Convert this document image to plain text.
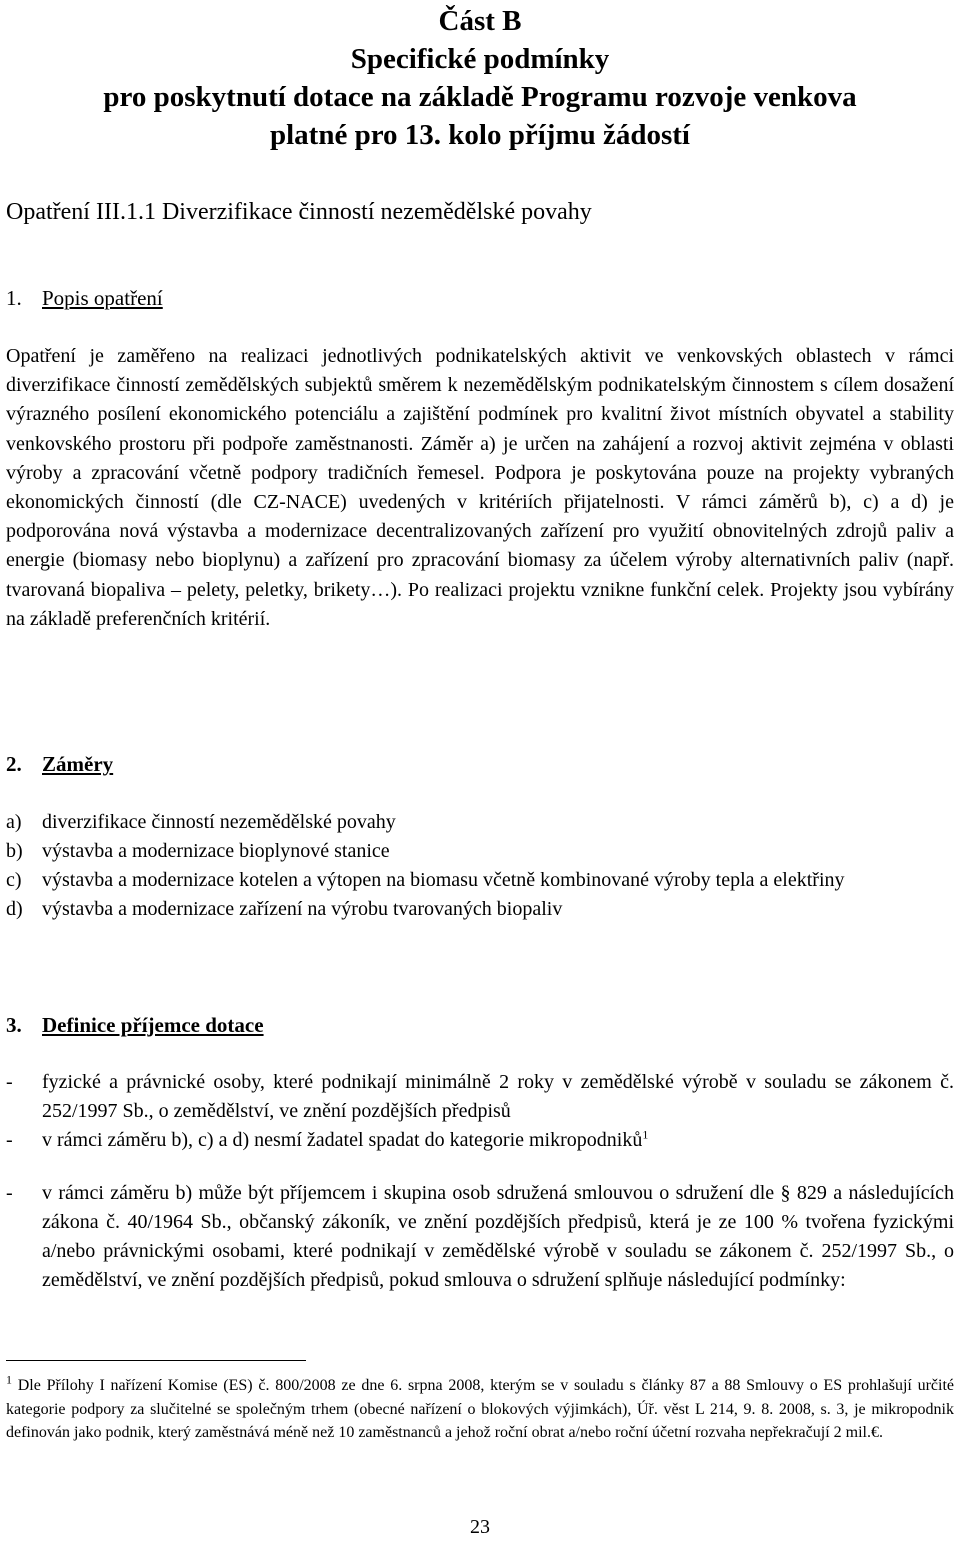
Část B

Specifické podmínky

pro poskytnutí dotace na základě Programu rozvoje venkova

platné pro 13. kolo příjmu žádostí

Opatření III.1.1 Diverzifikace činností nezemědělské povahy

1. Popis opatření

Opatření je zaměřeno na realizaci jednotlivých podnikatelských aktivit ve venkovských oblastech v rámci diverzifikace činností zemědělských subjektů směrem k nezemědělským podnikatelským činnostem s cílem dosažení výrazného posílení ekonomického potenciálu a zajištění podmínek pro kvalitní život místních obyvatel a stability venkovského prostoru při podpoře zaměstnanosti. Záměr a) je určen na zahájení a rozvoj aktivit zejména v oblasti výroby a zpracování včetně podpory tradičních řemesel. Podpora je poskytována pouze na projekty vybraných ekonomických činností (dle CZ-NACE) uvedených v kritériích přijatelnosti. V rámci záměrů b), c) a d) je podporována nová výstavba a modernizace decentralizovaných zařízení pro využití obnovitelných zdrojů paliv a energie (biomasy nebo bioplynu) a zařízení pro zpracování biomasy za účelem výroby alternativních paliv (např. tvarovaná biopaliva – pelety, peletky, brikety…). Po realizaci projektu vznikne funkční celek. Projekty jsou vybírány na základě preferenčních kritérií.

2. Záměry

a) diverzifikace činností nezemědělské povahy
b) výstavba a modernizace bioplynové stanice
c) výstavba a modernizace kotelen a výtopen na biomasu včetně kombinované výroby tepla a elektřiny
d) výstavba a modernizace zařízení na výrobu tvarovaných biopaliv

3. Definice příjemce dotace

- fyzické a právnické osoby, které podnikají minimálně 2 roky v zemědělské výrobě v souladu se zákonem č. 252/1997 Sb., o zemědělství, ve znění pozdějších předpisů
- v rámci záměru b), c) a d) nesmí žadatel spadat do kategorie mikropodniků$^1$
- v rámci záměru b) může být příjemcem i skupina osob sdružená smlouvou o sdružení dle § 829 a následujících zákona č. 40/1964 Sb., občanský zákoník, ve znění pozdějších předpisů, která je ze 100 % tvořena fyzickými a/nebo právnickými osobami, které podnikají v zemědělské výrobě v souladu se zákonem č. 252/1997 Sb., o zemědělství, ve znění pozdějších předpisů, pokud smlouva o sdružení splňuje následující podmínky:

$^1$ Dle Přílohy I nařízení Komise (ES) č. 800/2008 ze dne 6. srpna 2008, kterým se v souladu s články 87 a 88 Smlouvy o ES prohlašují určité kategorie podpory za slučitelné se společným trhem (obecné nařízení o blokových výjimkách), Úř. věst L 214, 9. 8. 2008, s. 3, je mikropodnik definován jako podnik, který zaměstnává méně než 10 zaměstnanců a jehož roční obrat a/nebo roční účetní rozvaha nepřekračují 2 mil.€.

23
